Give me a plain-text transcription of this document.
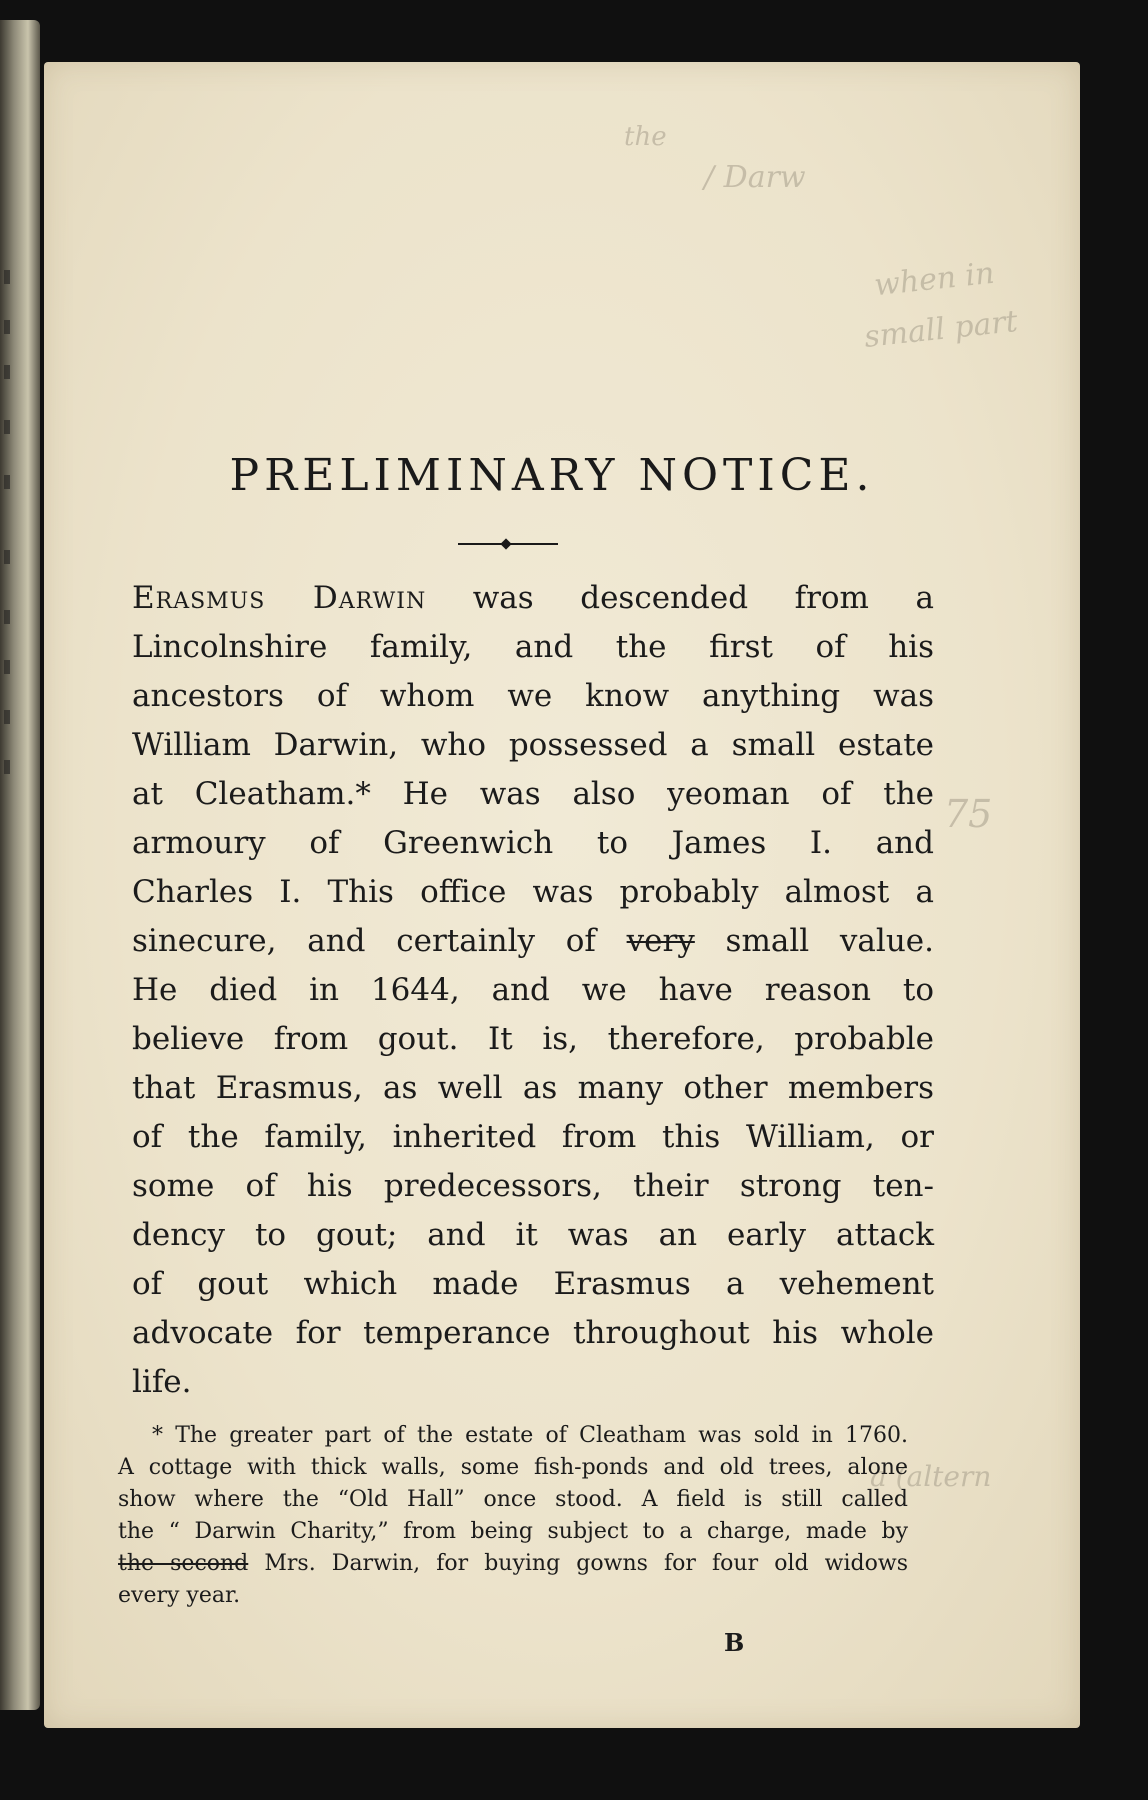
the
/ Darw
when in
small part
75
a (altern
PRELIMINARY NOTICE.
Erasmus Darwin was descended from a
Lincolnshire family, and the first of his
ancestors of whom we know anything was
William Darwin, who possessed a small estate
at Cleatham.* He was also yeoman of the
armoury of Greenwich to James I. and
Charles I. This office was probably almost a
sinecure, and certainly of very small value.
He died in 1644, and we have reason to
believe from gout. It is, therefore, probable
that Erasmus, as well as many other members
of the family, inherited from this William, or
some of his predecessors, their strong ten-
dency to gout; and it was an early attack
of gout which made Erasmus a vehement
advocate for temperance throughout his whole
life.
* The greater part of the estate of Cleatham was sold in 1760.
A cottage with thick walls, some fish-ponds and old trees, alone
show where the “Old Hall” once stood. A field is still called
the “ Darwin Charity,” from being subject to a charge, made by
the second Mrs. Darwin, for buying gowns for four old widows
every year.
B
